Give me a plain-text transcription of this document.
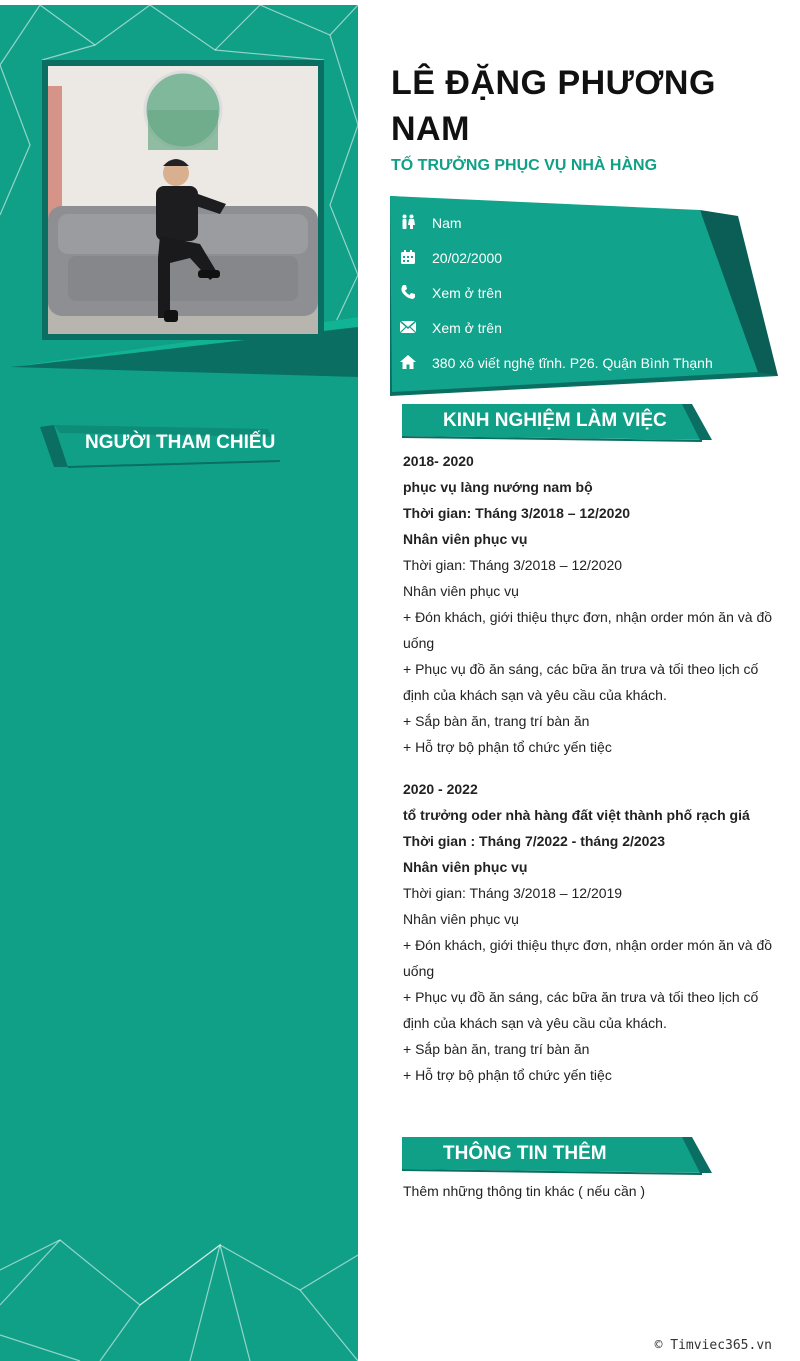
NGƯỜI THAM CHIẾU
LÊ ĐẶNG PHƯƠNG NAM
TỐ TRƯỞNG PHỤC VỤ NHÀ HÀNG
Nam
20/02/2000
Xem ở trên
Xem ở trên
380 xô viết nghệ tĩnh. P26. Quận Bình Thạnh
KINH NGHIỆM LÀM VIỆC
2018- 2020
phục vụ làng nướng nam bộ
Thời gian: Tháng 3/2018 – 12/2020
Nhân viên phục vụ
Thời gian: Tháng 3/2018 – 12/2020
Nhân viên phục vụ
+ Đón khách, giới thiệu thực đơn, nhận order món ăn và đồ uống
+ Phục vụ đồ ăn sáng, các bữa ăn trưa và tối theo lịch cố định của khách sạn và yêu cầu của khách.
+ Sắp bàn ăn, trang trí bàn ăn
+ Hỗ trợ bộ phận tổ chức yến tiệc
2020 - 2022
tổ trưởng oder nhà hàng đất việt thành phố rạch giá
Thời gian : Tháng 7/2022 - tháng 2/2023
Nhân viên phục vụ
Thời gian: Tháng 3/2018 – 12/2019
Nhân viên phục vụ
+ Đón khách, giới thiệu thực đơn, nhận order món ăn và đồ uống
+ Phục vụ đồ ăn sáng, các bữa ăn trưa và tối theo lịch cố định của khách sạn và yêu cầu của khách.
+ Sắp bàn ăn, trang trí bàn ăn
+ Hỗ trợ bộ phận tổ chức yến tiệc
THÔNG TIN THÊM
Thêm những thông tin khác ( nếu cần )
© Timviec365.vn
